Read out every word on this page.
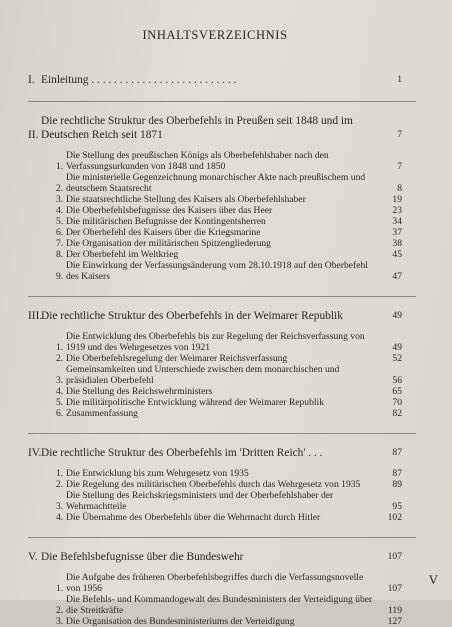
INHALTSVERZEICHNIS
I. Einleitung . . . . . . . . . . . . . . . . . . . . . . . . . .	1
II.
Die rechtliche Struktur des Oberbefehls in Preußen seit 1848 und im Deutschen Reich seit 1871	7
1.
Die Stellung des preußischen Königs als Oberbefehlshaber nach den Verfassungsurkunden von 1848 und 1850	7
2.
Die ministerielle Gegenzeichnung monarchischer Akte nach preußischem und deutschem Staatsrecht	8
3. Die staatsrechtliche Stellung des Kaisers als Oberbefehlshaber	19
4. Die Oberbefehlsbefugnisse des Kaisers über das Heer	23
5. Die militärischen Befugnisse der Kontingentsherren	34
6. Der Oberbefehl des Kaisers über die Kriegsmarine	37
7. Die Organisation der militärischen Spitzengliederung	38
8. Der Oberbefehl im Weltkrieg	45
9.
Die Einwirkung der Verfassungsänderung vom 28.10.1918 auf den Oberbefehl des Kaisers	47
III.
Die rechtliche Struktur des Oberbefehls in der Weimarer Republik	49
1.
Die Entwicklung des Oberbefehls bis zur Regelung der Reichsverfassung von 1919 und des Wehrgesetzes von 1921	49
2. Die Oberbefehlsregelung der Weimarer Reichsverfassung	52
3.
Gemeinsamkeiten und Unterschiede zwischen dem monarchischen und präsidialen Oberbefehl	56
4. Die Stellung des Reichswehrministers	65
5. Die militärpolitische Entwicklung während der Weimarer Republik	70
6. Zusammenfassung	82
IV. Die rechtliche Struktur des Oberbefehls im 'Dritten Reich' . . .	87
1. Die Entwicklung bis zum Wehrgesetz von 1935	87
2. Die Regelung des militärischen Oberbefehls durch das Wehrgesetz von 1935	89
3.
Die Stellung des Reichskriegsministers und der Oberbefehlshaber der Wehrmachtteile	95
4. Die Übernahme des Oberbefehls über die Wehrmacht durch Hitler	102
V. Die Befehlsbefugnisse über die Bundeswehr	107
1.
Die Aufgabe des früheren Oberbefehlsbegriffes durch die Verfassungsnovelle von 1956	107
2.
Die Befehls- und Kommandogewalt des Bundesministers der Verteidigung über die Streitkräfte	119
3. Die Organisation des Bundesministeriums der Verteidigung	127
V
